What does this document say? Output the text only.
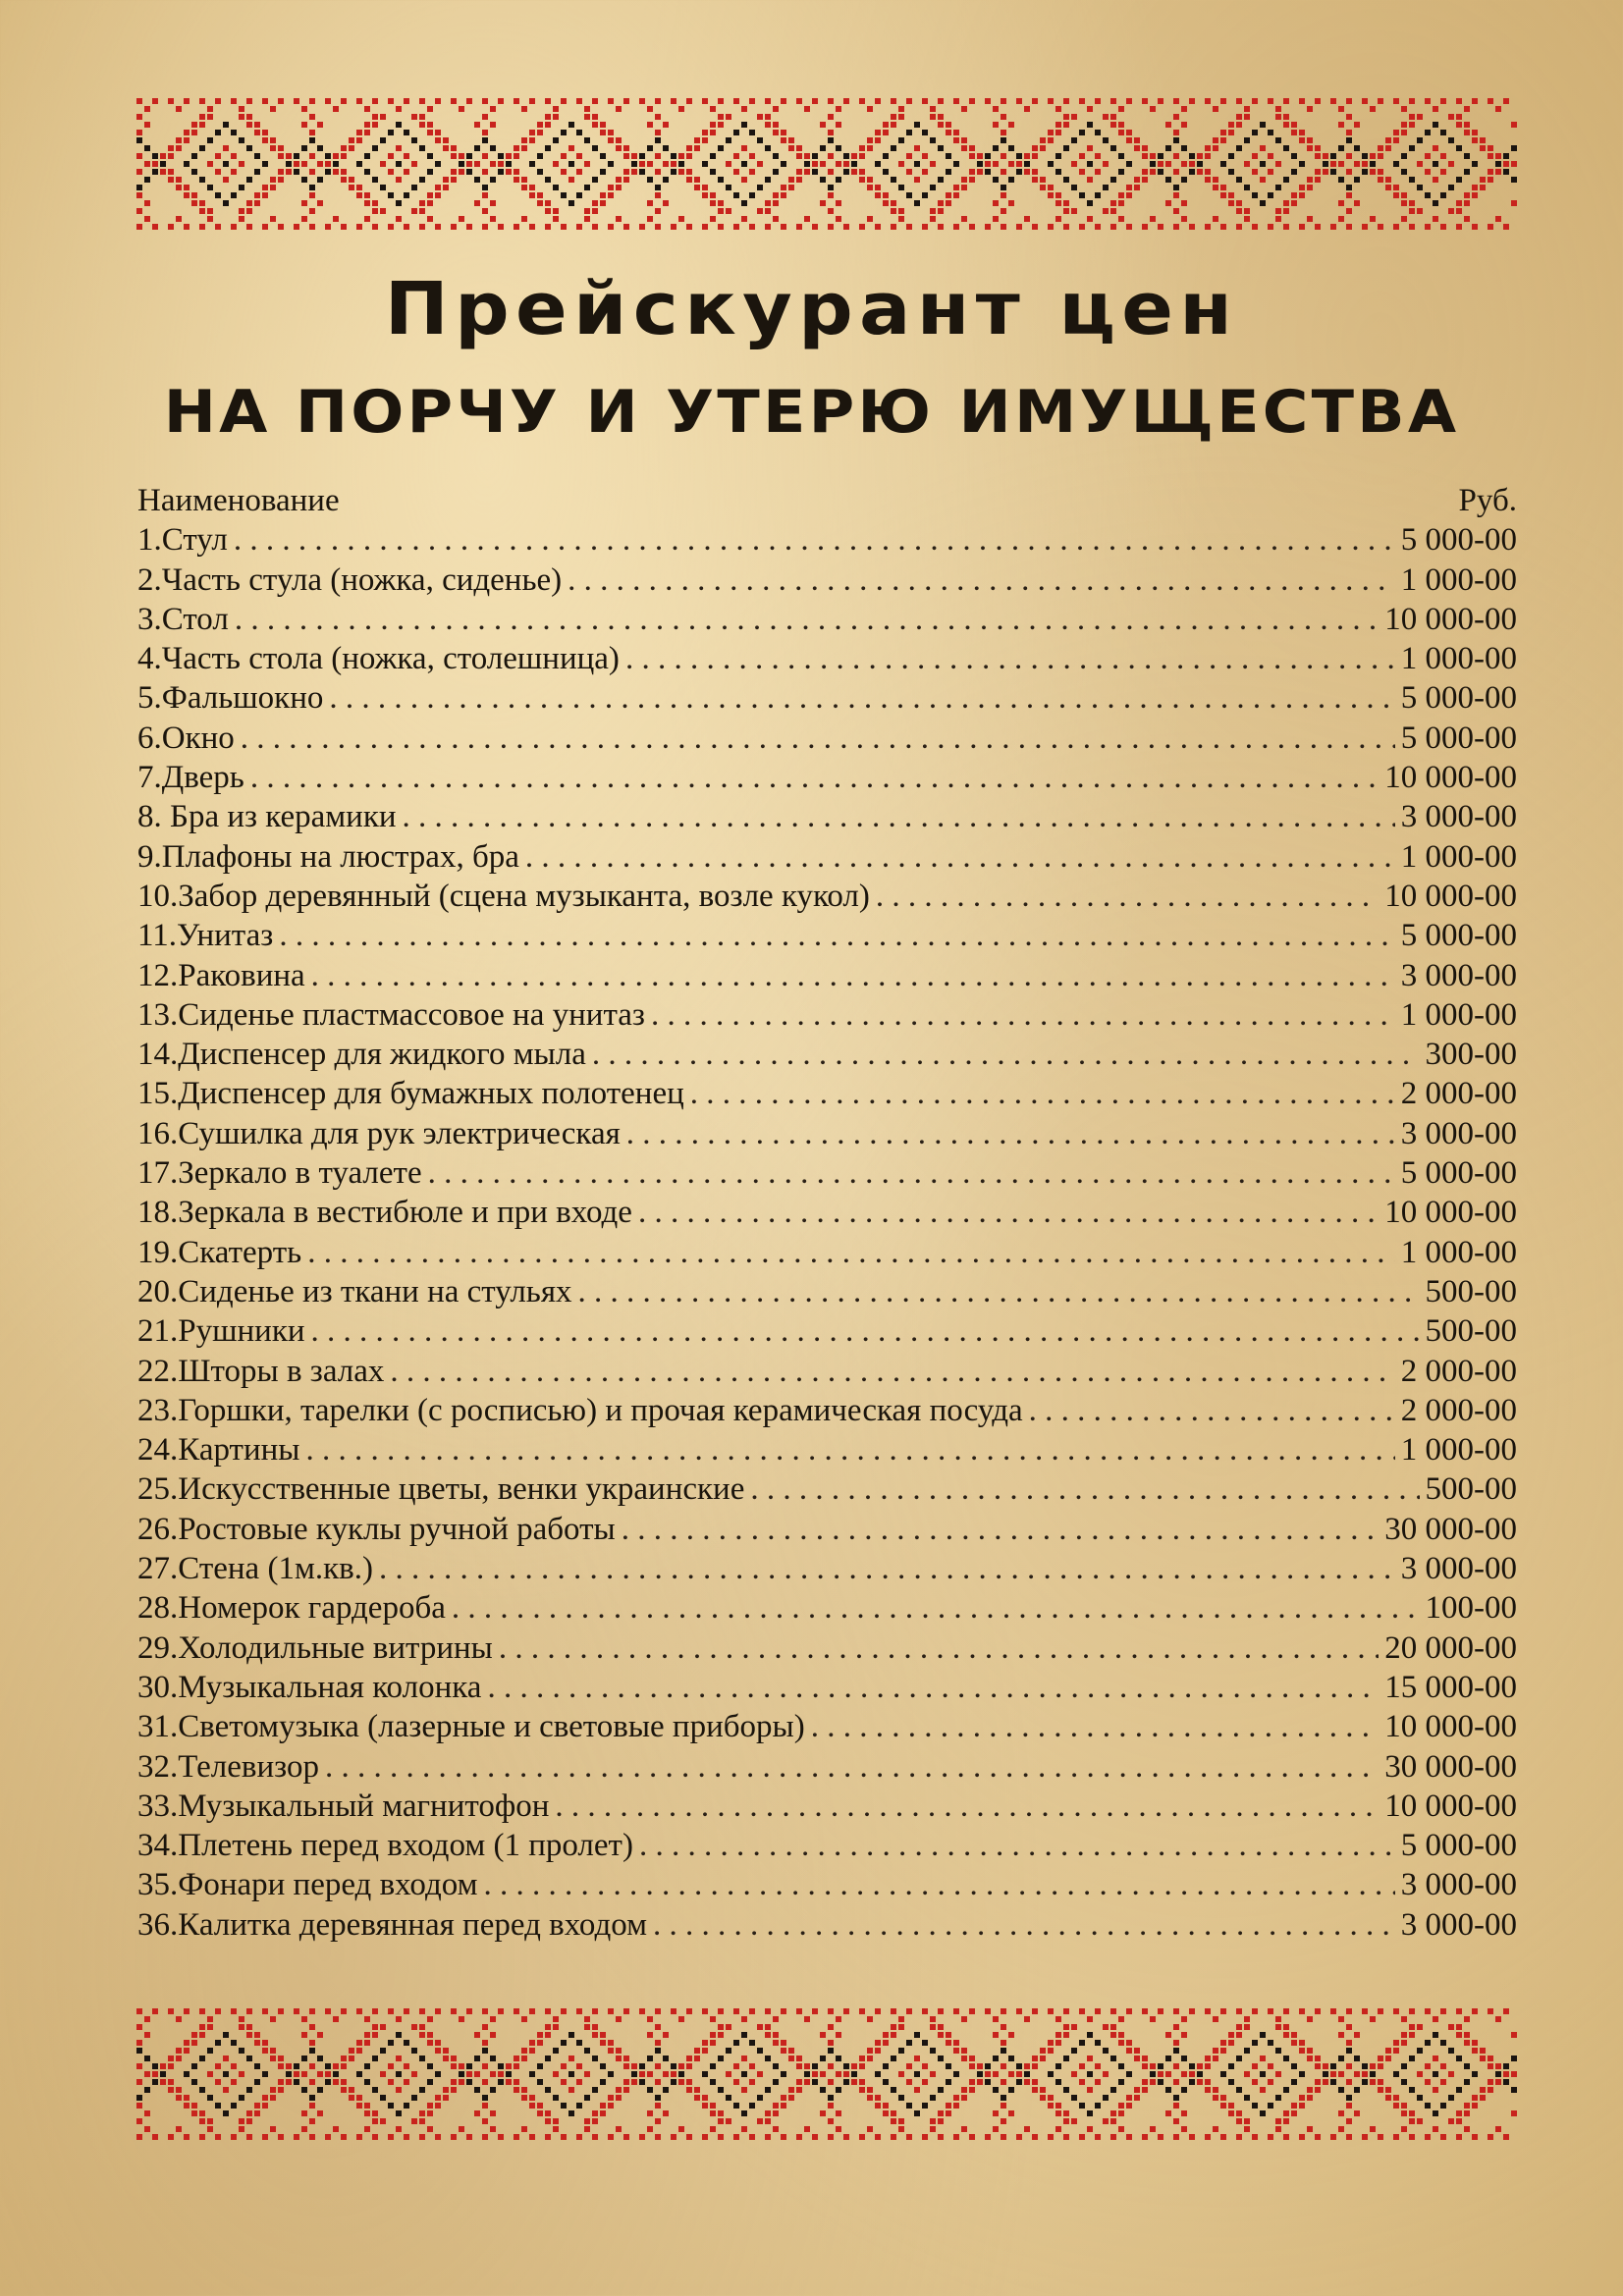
Прейскурант цен
НА ПОРЧУ И УТЕРЮ ИМУЩЕСТВА
Наименование	Руб.
1.Стул . . .	5 000-00
2.Часть стула (ножка, сиденье) . . .	1 000-00
3.Стол . . .	10 000-00
4.Часть стола (ножка, столешница) . . .	1 000-00
5.Фальшокно . . .	5 000-00
6.Окно . . .	5 000-00
7.Дверь . . .	10 000-00
8. Бра из керамики . . .	3 000-00
9.Плафоны на люстрах, бра . . .	1 000-00
10.Забор деревянный (сцена музыканта, возле кукол) . . .	10 000-00
11.Унитаз . . .	5 000-00
12.Раковина . . .	3 000-00
13.Сиденье пластмассовое на унитаз . . .	1 000-00
14.Диспенсер для жидкого мыла . . .	300-00
15.Диспенсер для бумажных полотенец . . .	2 000-00
16.Сушилка для рук электрическая . . .	3 000-00
17.Зеркало в туалете . . .	5 000-00
18.Зеркала в вестибюле и при входе . . .	10 000-00
19.Скатерть . . .	1 000-00
20.Сиденье из ткани на стульях . . .	500-00
21.Рушники . . .	500-00
22.Шторы в залах . . .	2 000-00
23.Горшки, тарелки (с росписью) и прочая керамическая посуда . . .	2 000-00
24.Картины . . .	1 000-00
25.Искусственные цветы, венки украинские . . .	500-00
26.Ростовые куклы ручной работы . . .	30 000-00
27.Стена (1м.кв.) . . .	3 000-00
28.Номерок гардероба . . .	100-00
29.Холодильные витрины . . .	20 000-00
30.Музыкальная колонка . . .	15 000-00
31.Светомузыка (лазерные и световые приборы) . . .	10 000-00
32.Телевизор . . .	30 000-00
33.Музыкальный магнитофон . . .	10 000-00
34.Плетень перед входом (1 пролет) . . .	5 000-00
35.Фонари перед входом . . .	3 000-00
36.Калитка деревянная перед входом . . .	3 000-00
